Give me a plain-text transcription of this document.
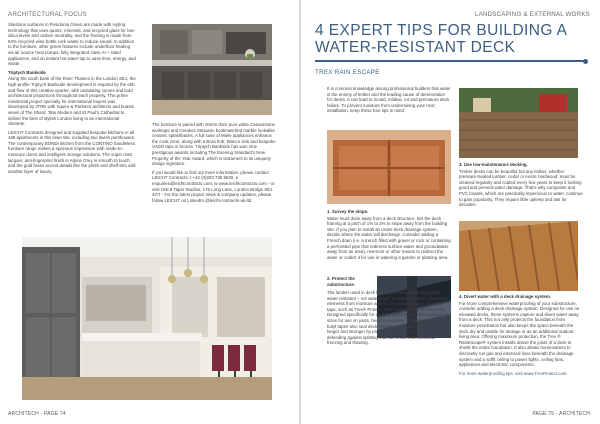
ARCHITECTURAL FOCUS

Silestone surfaces in Posidonia Green are made with Hybriq technology that uses quartz, minerals, and recycled glass for low-silica levels and carbon neutrality, and the flooring is made from 93% recycled wine bottle cork waste to reduce sound. In addition to the furniture, other green features include underfloor heating via air source heat pumps, fully integrated class A++ rated appliances, and an instant hot water tap to save time, energy, and waste.

Triptych Bankside

Along the south bank of the River Thames in the London SE1, the high-profile Triptych Bankside development is inspired by the ebb and flow of this creative quarter, with undulating curves and bold architectural proportions throughout each property. This prime residential project specially for international buyers was developed by JTRE with Squire & Partners architects and boasts views of The Shard, Tate Modern and St Paul's Cathedral to deliver the best of stylish London living to an international clientele.

LEICHT Contracts designed and supplied bespoke kitchens in all 169 apartments in this town site, including two lavish penthouses. The contemporary BONDI kitchen from the CONTINO handleless furniture range makes a spacious impression with made-to-measure doors and intelligent storage solutions. The super matt lacquer, anti-fingerprint finish in Alpine Grey is smooth to touch, and the gold brass accent details like the plinth and shelf-trim add another layer of luxury.

The furniture is paired with 20mm thick pure white Caesarstone worktops and Cerakos Statuario bookmatched marble lookalike ceramic splashbacks. A full suite of Miele appliances enhance the cook zone, along with a Bora hob, Blanco sink and bespoke VADO taps in bronze. Triptych Bankside has won nine prestigious awards including The Evening Standard's New Property of the Year Award, which is testament to its uniquely design signature.

If you would like to find out more information, please contact LEICHT Contracts: t +44 (0)203 735 9630, e enquiries@leichtcontracts.com, w www.leichtcontracts.com - or visit Unit 8 Taper Studios, 175 Long Lane, London Bridge SE1 4GT - For the latest project news & company updates, please follow LEICHT on LinkedIn @leicht-contracts-uk-ltd

ARCHITECH - PAGE 74
LANDSCAPING & EXTERNAL WORKS
4 EXPERT TIPS FOR BUILDING A WATER-RESISTANT DECK
TREX RAIN ESCAPE

It is common knowledge among professional builders that water is the enemy of timber and the leading cause of deterioration for decks. It can lead to mould, mildew, rot and premature deck failure. To prevent moisture from undermining your next installation, keep these four tips in mind:

1. Survey the slope.

Water must drain away from a deck structure. Set the deck framing at a pitch of 1% to 2% to slope away from the building site. If you plan to install an under-deck drainage system, decide where the water will discharge. Consider adding a French drain (i.e. a trench filled with gravel or rock or containing a perforated pipe that redirects surface water and groundwater away from an area), reservoir or other means to redirect the water or collect it for use in watering a garden or planting area.

2. Protect the substructure.

The lumber used in deck building is pressure-treated to be water-resistant – not waterproof. To protect a deck's structural elements from moisture and rot, it's critical to apply flashing tape, such as Trex® Protect, over all the joinery and blocking. Designed specifically for decking applications, and available in sizes for use on joists, bearers and rims, these self-adhesive butyl tapes also seal deck fasteners and help screws to hold longer and stronger by preventing moisture penetration and defending against splitting that can result from seasonal freezing and thawing.

3. Use low-maintenance decking.

Timber decks can be beautiful but any timber, whether pressure-treated lumber, cedar or exotic hardwood, must be cleaned regularly and coated every few years to keep it looking good and prevent water damage. That's why composite and PVC boards, which are practically impervious to water, continue to gain popularity. They require little upkeep and last for decades.

4. Divert water with a deck drainage system.

For more comprehensive waterproofing of your substructure, consider adding a deck drainage system. Designed for use on elevated decks, these systems capture and divert water away from a deck. This not only protects the foundation from moisture penetration but also keeps the space beneath the deck dry and usable for storage or as an additional outdoor living area. Offering maximum protection, the Trex ® RainEscape® system installs above the joists of a deck to shield the entire foundation. It also allows homeowners to discreetly run gas and electrical lines beneath the drainage system and a soffit ceiling to power lights, ceiling fans, appliances and electronic components.

For more waterproofing tips, visit www.TrexProtect.com

PAGE 75 - ARCHITECH
